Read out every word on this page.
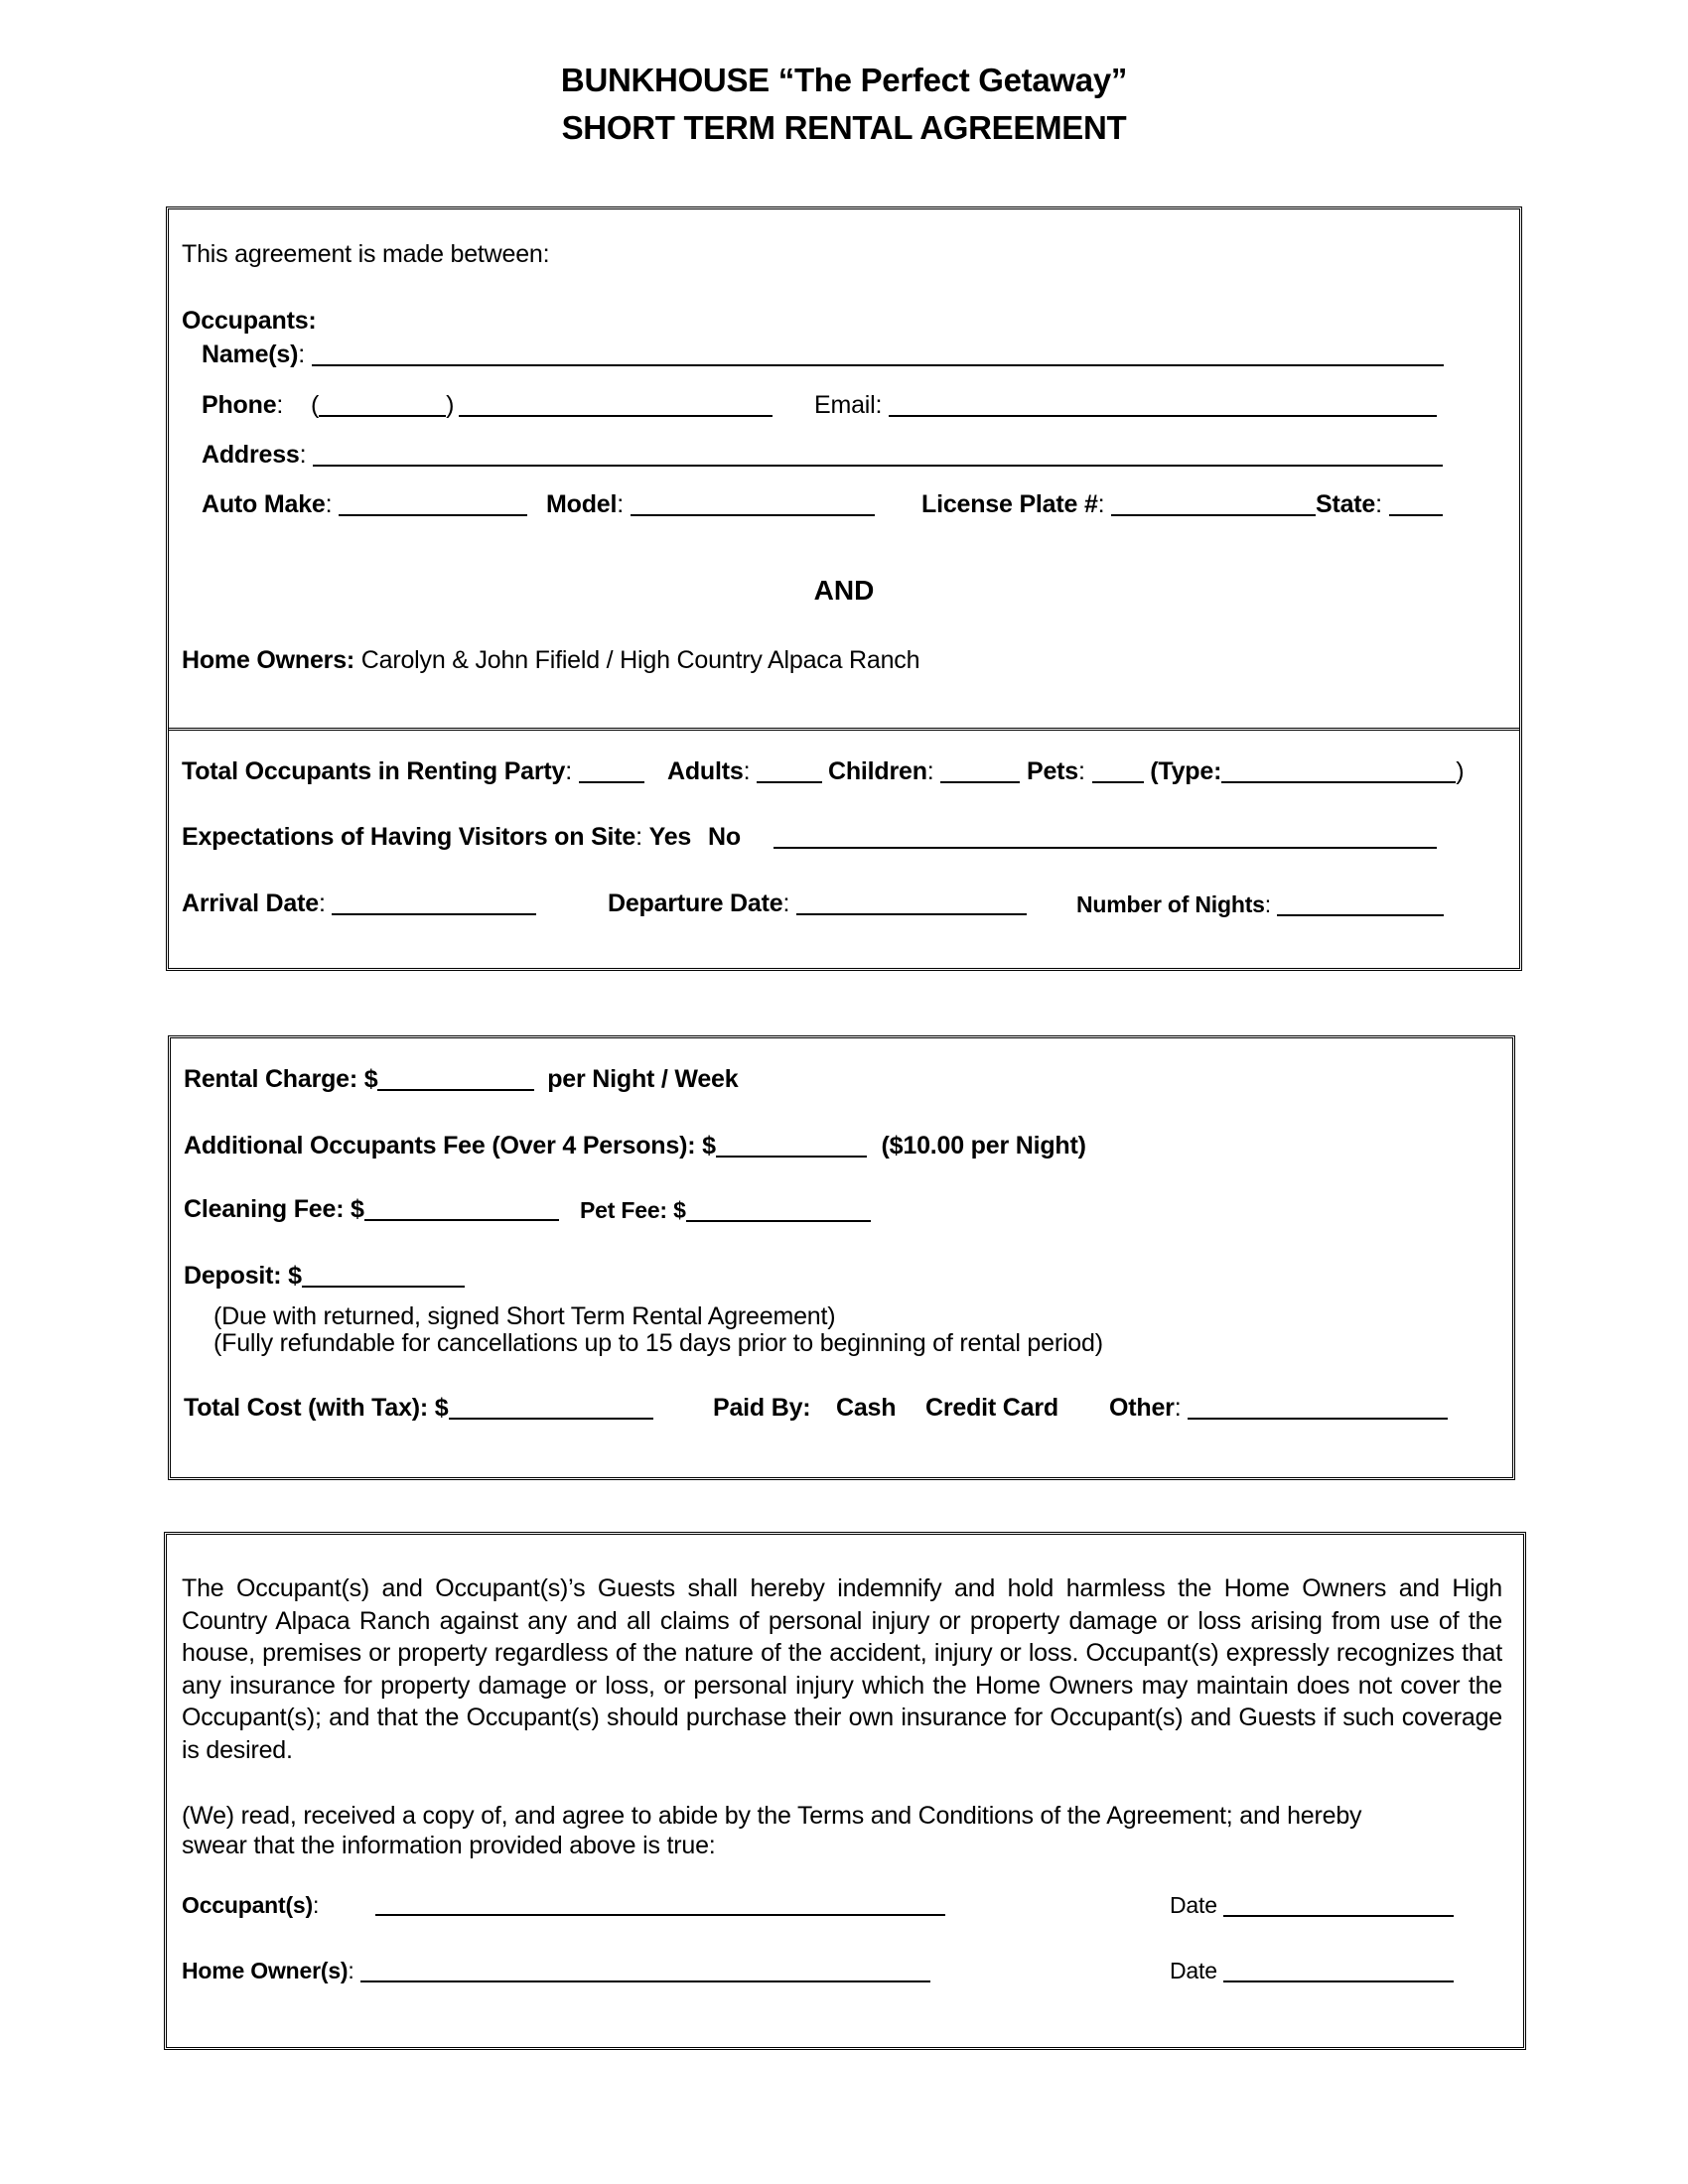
BUNKHOUSE “The Perfect Getaway”
SHORT TERM RENTAL AGREEMENT
This agreement is made between:
Occupants:
Name(s):
Phone: (	)	Email:
Address:
Auto Make:	Model:	License Plate #:	State:
AND
Home Owners: Carolyn & John Fifield / High Country Alpaca Ranch
Total Occupants in Renting Party:	Adults:	Children:	Pets:  (Type:	)
Expectations of Having Visitors on Site: Yes No
Arrival Date:	Departure Date:	Number of Nights:
Rental Charge: $	per Night / Week
Additional Occupants Fee (Over 4 Persons): $	($10.00 per Night)
Cleaning Fee: $	Pet Fee: $
Deposit: $
(Due with returned, signed Short Term Rental Agreement)
(Fully refundable for cancellations up to 15 days prior to beginning of rental period)
Total Cost (with Tax): $	Paid By: Cash Credit Card Other:
The Occupant(s) and Occupant(s)’s Guests shall hereby indemnify and hold harmless the Home Owners and High Country Alpaca Ranch against any and all claims of personal injury or property damage or loss arising from use of the house, premises or property regardless of the nature of the accident, injury or loss. Occupant(s) expressly recognizes that any insurance for property damage or loss, or personal injury which the Home Owners may maintain does not cover the Occupant(s); and that the Occupant(s) should purchase their own insurance for Occupant(s) and Guests if such coverage is desired.
(We) read, received a copy of, and agree to abide by the Terms and Conditions of the Agreement; and hereby
swear that the information provided above is true:
Occupant(s):	Date
Home Owner(s):	Date
